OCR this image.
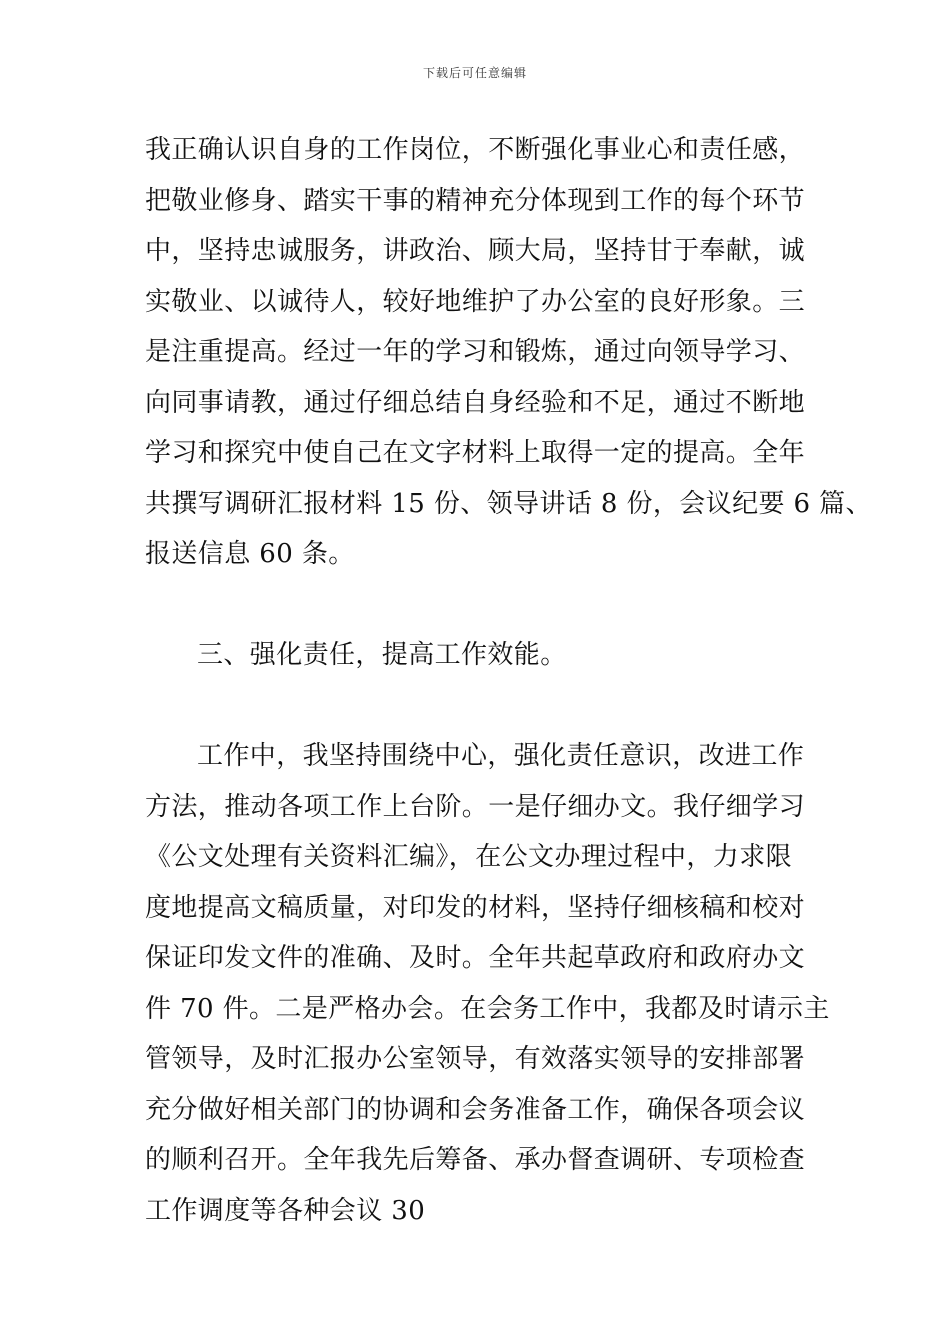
下载后可任意编辑
我正确认识自身的工作岗位，不断强化事业心和责任感，
把敬业修身、踏实干事的精神充分体现到工作的每个环节
中，坚持忠诚服务，讲政治、顾大局，坚持甘于奉献，诚
实敬业、以诚待人，较好地维护了办公室的良好形象。三
是注重提高。经过一年的学习和锻炼，通过向领导学习、
向同事请教，通过仔细总结自身经验和不足，通过不断地
学习和探究中使自己在文字材料上取得一定的提高。全年
共撰写调研汇报材料 15 份、领导讲话 8 份，会议纪要 6 篇、
报送信息 60 条。
三、强化责任，提高工作效能。
工作中，我坚持围绕中心，强化责任意识，改进工作
方法，推动各项工作上台阶。一是仔细办文。我仔细学习
《公文处理有关资料汇编》，在公文办理过程中，力求限
度地提高文稿质量，对印发的材料，坚持仔细核稿和校对
保证印发文件的准确、及时。全年共起草政府和政府办文
件 70 件。二是严格办会。在会务工作中，我都及时请示主
管领导，及时汇报办公室领导，有效落实领导的安排部署
充分做好相关部门的协调和会务准备工作，确保各项会议
的顺利召开。全年我先后筹备、承办督查调研、专项检查
工作调度等各种会议 30
